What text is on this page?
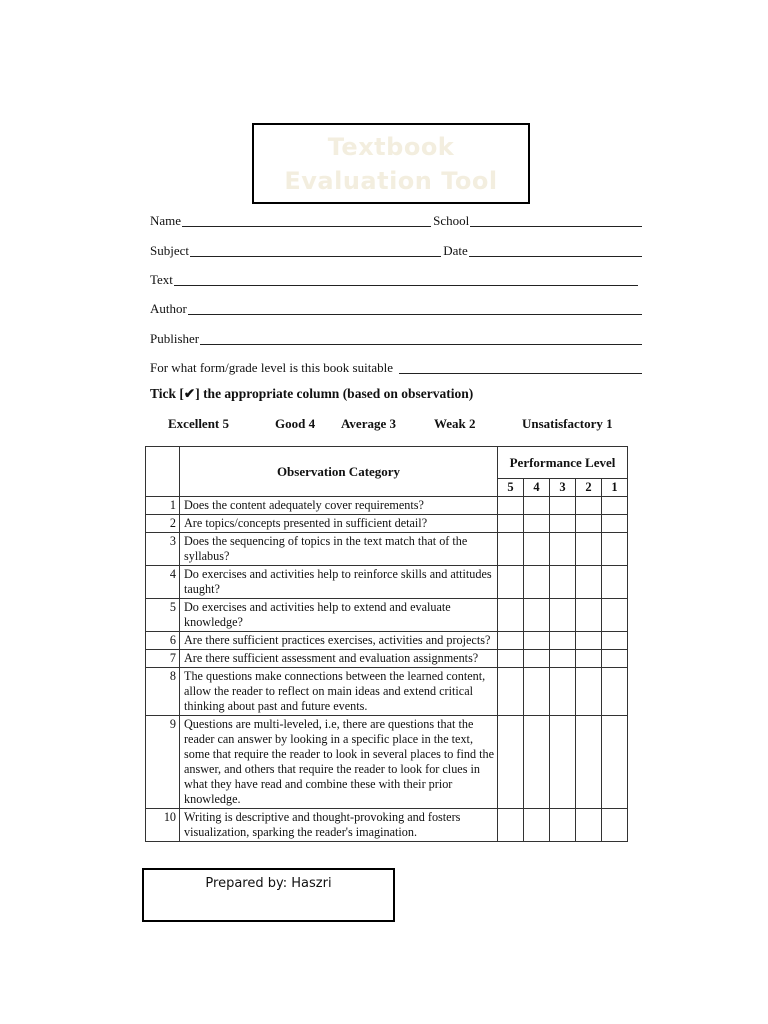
Textbook
Evaluation Tool
Name	School
Subject	Date
Text
Author
Publisher
For what form/grade level is this book suitable
Tick [✔] the appropriate column (based on observation)
Excellent 5	Good 4 Average 3	Weak 2	Unsatisfactory 1
	Observation Category	Performance Level				
		5	4	3	2	1
1	Does the content adequately cover requirements?					
2	Are topics/concepts presented in sufficient detail?					
3	Does the sequencing of topics in the text match that of the syllabus?					
4	Do exercises and activities help to reinforce skills and attitudes taught?					
5	Do exercises and activities help to extend and evaluate knowledge?					
6	Are there sufficient practices exercises, activities and projects?					
7	Are there sufficient assessment and evaluation assignments?					
8	The questions make connections between the learned content, allow the reader to reflect on main ideas and extend critical thinking about past and future events.					
9	Questions are multi-leveled, i.e, there are questions that the reader can answer by looking in a specific place in the text, some that require the reader to look in several places to find the answer, and others that require the reader to look for clues in what they have read and combine these with their prior knowledge.					
10	Writing is descriptive and thought-provoking and fosters visualization, sparking the reader's imagination.					
Prepared by: Haszri
